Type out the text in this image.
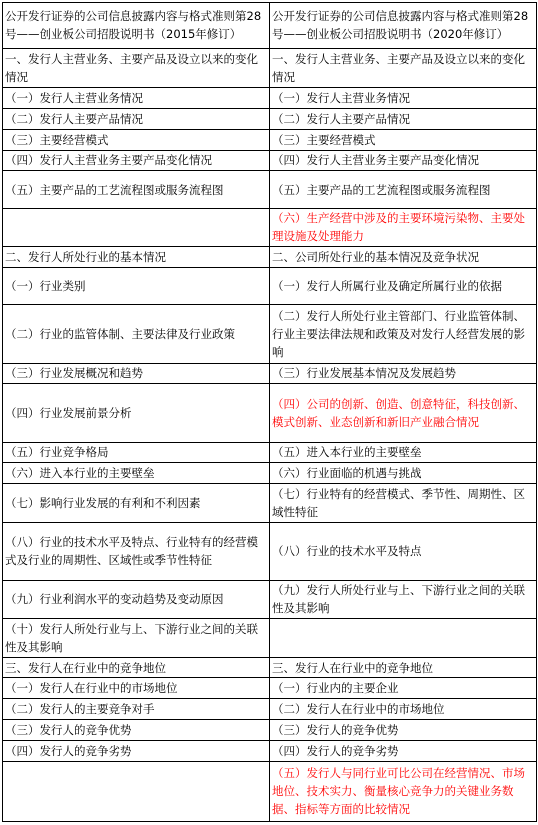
公开发行证券的公司信息披露内容与格式准则第28号——创业板公司招股说明书（2015年修订）	公开发行证券的公司信息披露内容与格式准则第28号——创业板公司招股说明书（2020年修订）
一、发行人主营业务、主要产品及设立以来的变化情况	一、发行人主营业务、主要产品及设立以来的变化情况
（一）发行人主营业务情况	（一）发行人主营业务情况
（二）发行人主要产品情况	（二）发行人主要产品情况
（三）主要经营模式	（三）主要经营模式
（四）发行人主营业务主要产品变化情况	（四）发行人主营业务主要产品变化情况
（五）主要产品的工艺流程图或服务流程图	（五）主要产品的工艺流程图或服务流程图
	（六）生产经营中涉及的主要环境污染物、主要处理设施及处理能力
二、发行人所处行业的基本情况	二、公司所处行业的基本情况及竞争状况
（一）行业类别	（一）发行人所属行业及确定所属行业的依据
（二）行业的监管体制、主要法律及行业政策	（二）发行人所处行业主管部门、行业监管体制、行业主要法律法规和政策及对发行人经营发展的影响
（三）行业发展概况和趋势	（三）行业发展基本情况及发展趋势
（四）行业发展前景分析	（四）公司的创新、创造、创意特征，科技创新、模式创新、业态创新和新旧产业融合情况
（五）行业竞争格局	（五）进入本行业的主要壁垒
（六）进入本行业的主要壁垒	（六）行业面临的机遇与挑战
（七）影响行业发展的有利和不利因素	（七）行业特有的经营模式、季节性、周期性、区域性特征
（八）行业的技术水平及特点、行业特有的经营模式及行业的周期性、区域性或季节性特征	（八）行业的技术水平及特点
（九）行业利润水平的变动趋势及变动原因	（九）发行人所处行业与上、下游行业之间的关联性及其影响
（十）发行人所处行业与上、下游行业之间的关联性及其影响	
三、发行人在行业中的竞争地位	三、发行人在行业中的竞争地位
（一）发行人在行业中的市场地位	（一）行业内的主要企业
（二）发行人的主要竞争对手	（二）发行人在行业中的市场地位
（三）发行人的竞争优势	（三）发行人的竞争优势
（四）发行人的竞争劣势	（四）发行人的竞争劣势
	（五）发行人与同行业可比公司在经营情况、市场地位、技术实力、衡量核心竞争力的关键业务数据、指标等方面的比较情况
